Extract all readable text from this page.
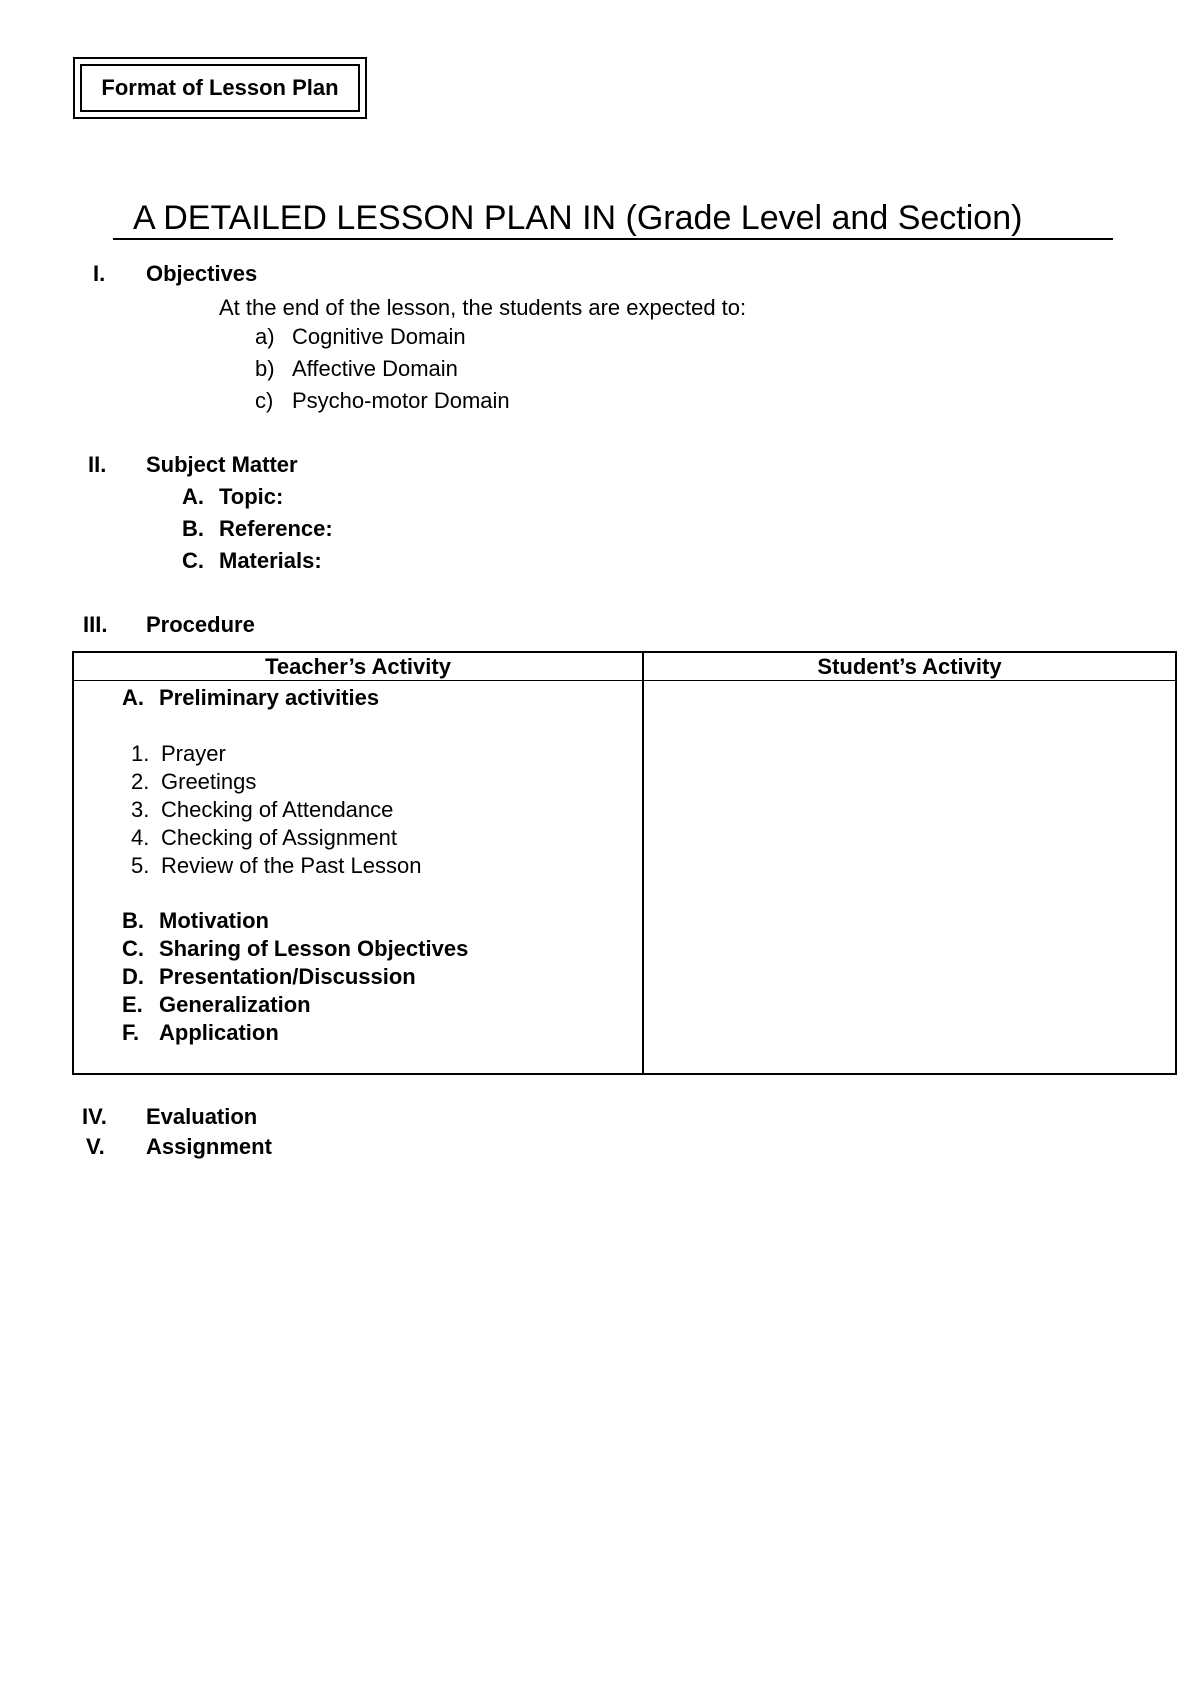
Format of Lesson Plan
A DETAILED LESSON PLAN IN (Grade Level and Section)
I. Objectives
At the end of the lesson, the students are expected to:
a) Cognitive Domain
b) Affective Domain
c) Psycho-motor Domain
II. Subject Matter
A. Topic:
B. Reference:
C. Materials:
III. Procedure
Teacher’s Activity	Student’s Activity
A. Preliminary activities
1. Prayer
2. Greetings
3. Checking of Attendance
4. Checking of Assignment
5. Review of the Past Lesson
B. Motivation
C. Sharing of Lesson Objectives
D. Presentation/Discussion
E. Generalization
F. Application
IV. Evaluation
V. Assignment
